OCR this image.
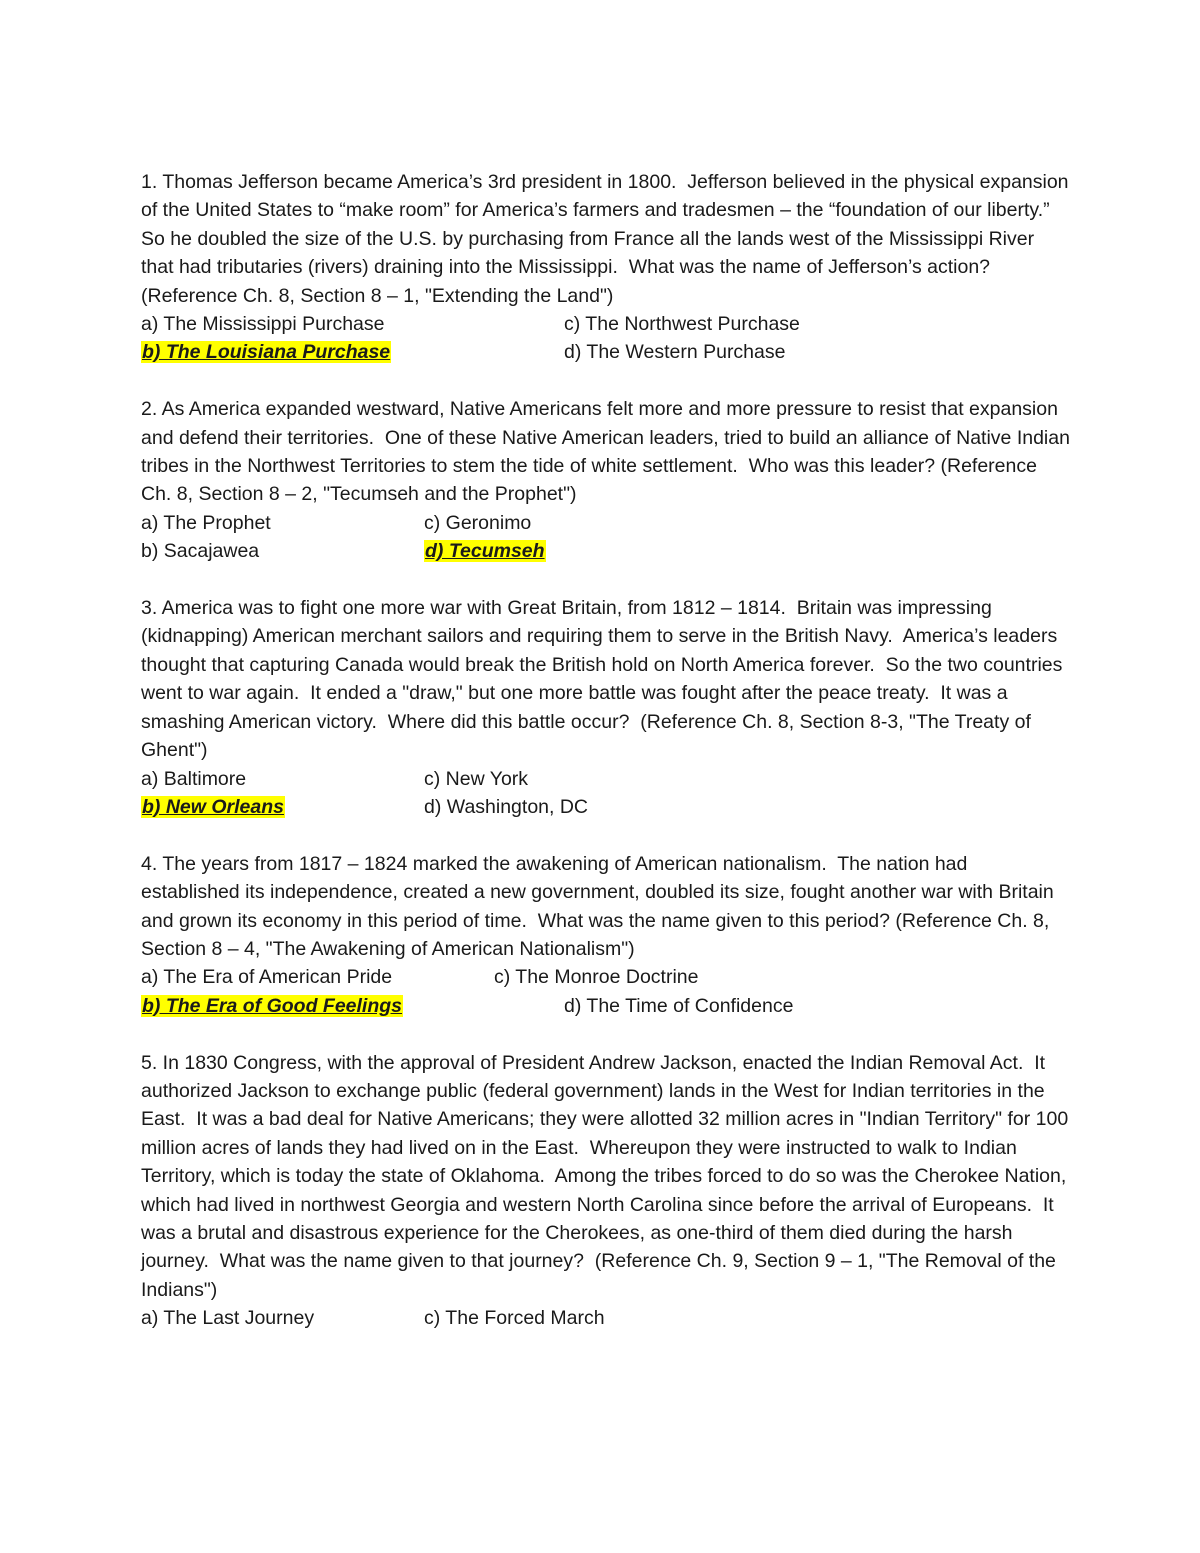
1. Thomas Jefferson became America’s 3rd president in 1800.  Jefferson believed in the physical expansion of the United States to “make room” for America’s farmers and tradesmen – the “foundation of our liberty.”  So he doubled the size of the U.S. by purchasing from France all the lands west of the Mississippi River that had tributaries (rivers) draining into the Mississippi.  What was the name of Jefferson’s action? (Reference Ch. 8, Section 8 – 1, "Extending the Land")

a) The Mississippi Purchase	c) The Northwest Purchase
b) The Louisiana Purchase	d) The Western Purchase

2. As America expanded westward, Native Americans felt more and more pressure to resist that expansion and defend their territories.  One of these Native American leaders, tried to build an alliance of Native Indian tribes in the Northwest Territories to stem the tide of white settlement.  Who was this leader? (Reference Ch. 8, Section 8 – 2, "Tecumseh and the Prophet")

a) The Prophet	c) Geronimo
b) Sacajawea	d) Tecumseh

3. America was to fight one more war with Great Britain, from 1812 – 1814.  Britain was impressing (kidnapping) American merchant sailors and requiring them to serve in the British Navy.  America’s leaders thought that capturing Canada would break the British hold on North America forever.  So the two countries went to war again.  It ended a "draw," but one more battle was fought after the peace treaty.  It was a smashing American victory.  Where did this battle occur?  (Reference Ch. 8, Section 8-3, "The Treaty of Ghent")

a) Baltimore	c) New York
b) New Orleans	d) Washington, DC

4. The years from 1817 – 1824 marked the awakening of American nationalism.  The nation had established its independence, created a new government, doubled its size, fought another war with Britain and grown its economy in this period of time.  What was the name given to this period? (Reference Ch. 8, Section 8 – 4, "The Awakening of American Nationalism")

a) The Era of American Pride	c) The Monroe Doctrine
b) The Era of Good Feelings	d) The Time of Confidence

5. In 1830 Congress, with the approval of President Andrew Jackson, enacted the Indian Removal Act.  It authorized Jackson to exchange public (federal government) lands in the West for Indian territories in the East.  It was a bad deal for Native Americans; they were allotted 32 million acres in "Indian Territory" for 100 million acres of lands they had lived on in the East.  Whereupon they were instructed to walk to Indian Territory, which is today the state of Oklahoma.  Among the tribes forced to do so was the Cherokee Nation, which had lived in northwest Georgia and western North Carolina since before the arrival of Europeans.  It was a brutal and disastrous experience for the Cherokees, as one-third of them died during the harsh journey.  What was the name given to that journey?  (Reference Ch. 9, Section 9 – 1, "The Removal of the Indians")

a) The Last Journey	c) The Forced March
